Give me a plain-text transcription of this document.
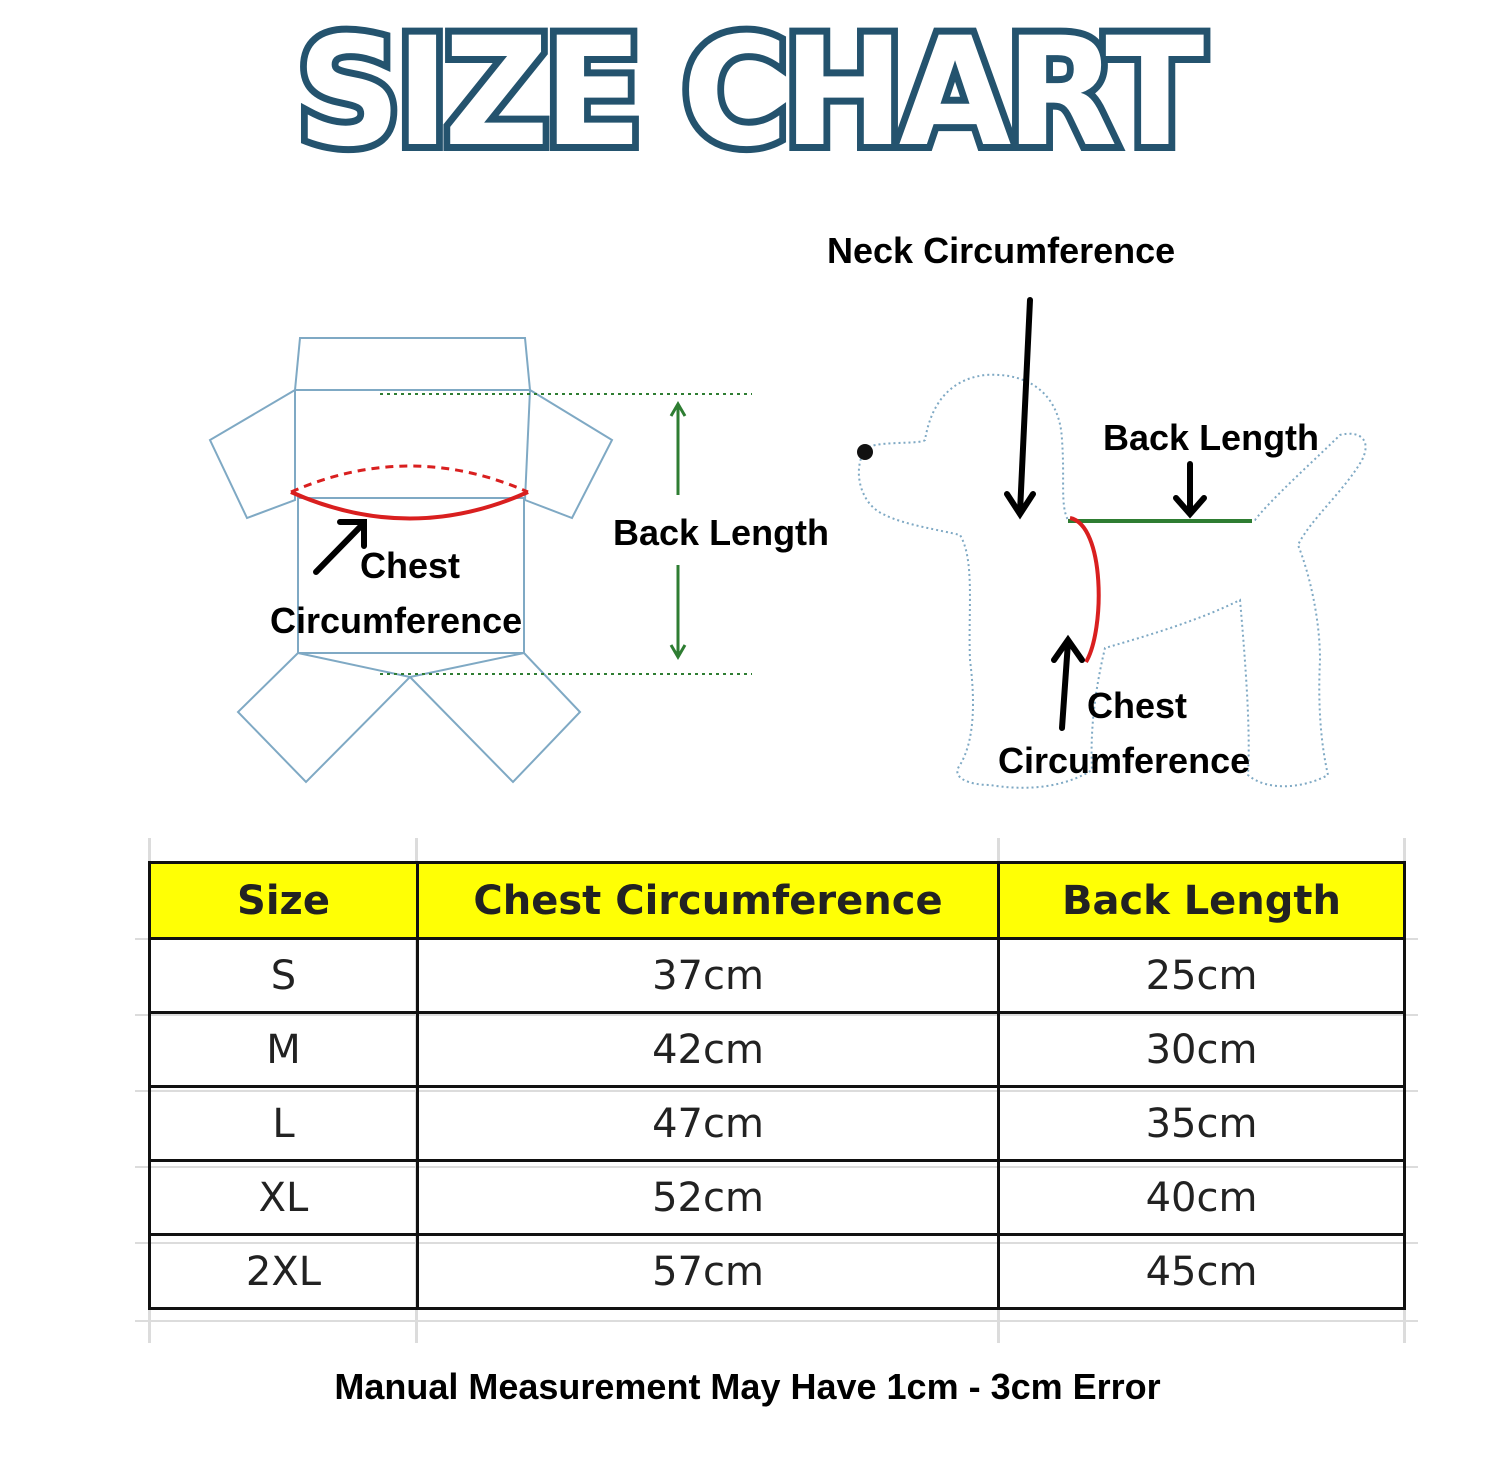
SIZE CHART
Chest
Circumference
Back Length
Neck Circumference
Back Length
Chest
Circumference
Size	Chest Circumference	Back Length
S	37cm	25cm
M	42cm	30cm
L	47cm	35cm
XL	52cm	40cm
2XL	57cm	45cm
Manual Measurement May Have 1cm - 3cm Error
